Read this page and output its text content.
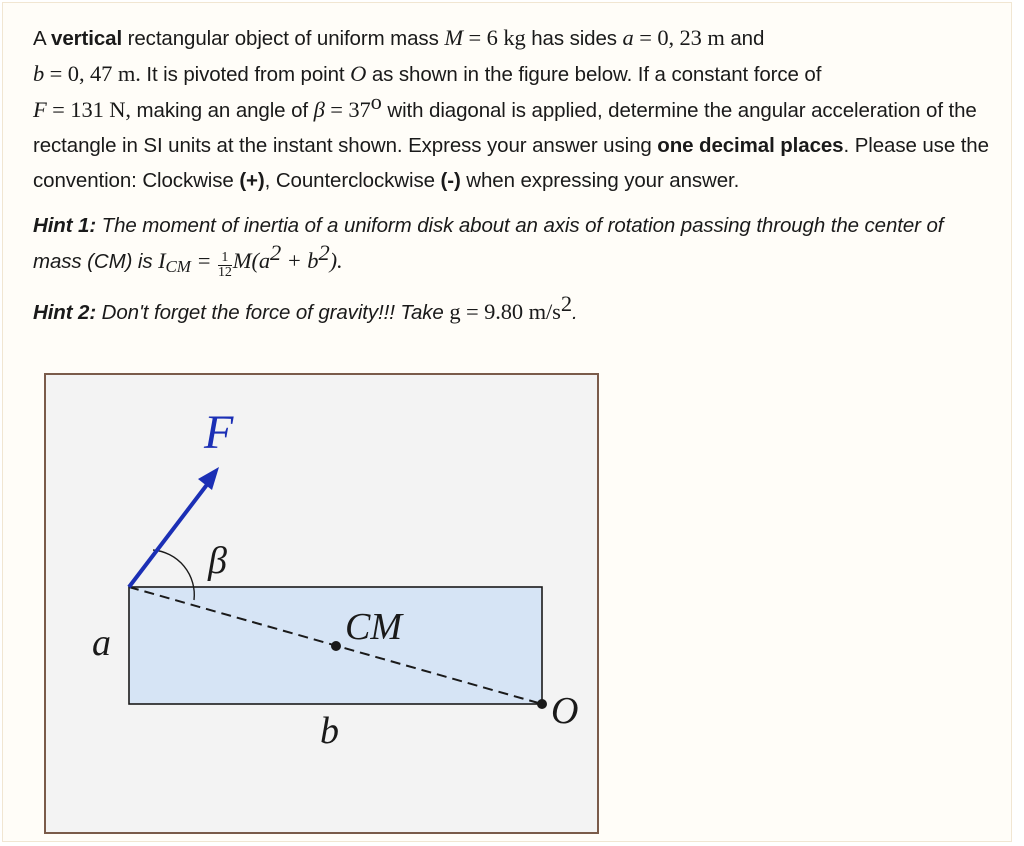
A vertical rectangular object of uniform mass M = 6 kg has sides a = 0, 23 m and
b = 0, 47 m. It is pivoted from point O as shown in the figure below. If a constant force of
F = 131 N, making an angle of $\beta = 37^o$ with diagonal is applied, determine the angular acceleration of the rectangle in SI units at the instant shown. Express your answer using one decimal places. Please use the convention: Clockwise (+), Counterclockwise (-) when expressing your answer.

Hint 1: The moment of inertia of a uniform disk about an axis of rotation passing through the center of mass (CM) is $I_{CM} = \frac{1}{12} M(a^2 + b^2)$.

Hint 2: Don't forget the force of gravity!!! Take g = 9.80 $m/s^2$.

F
β
CM
a
b	O
